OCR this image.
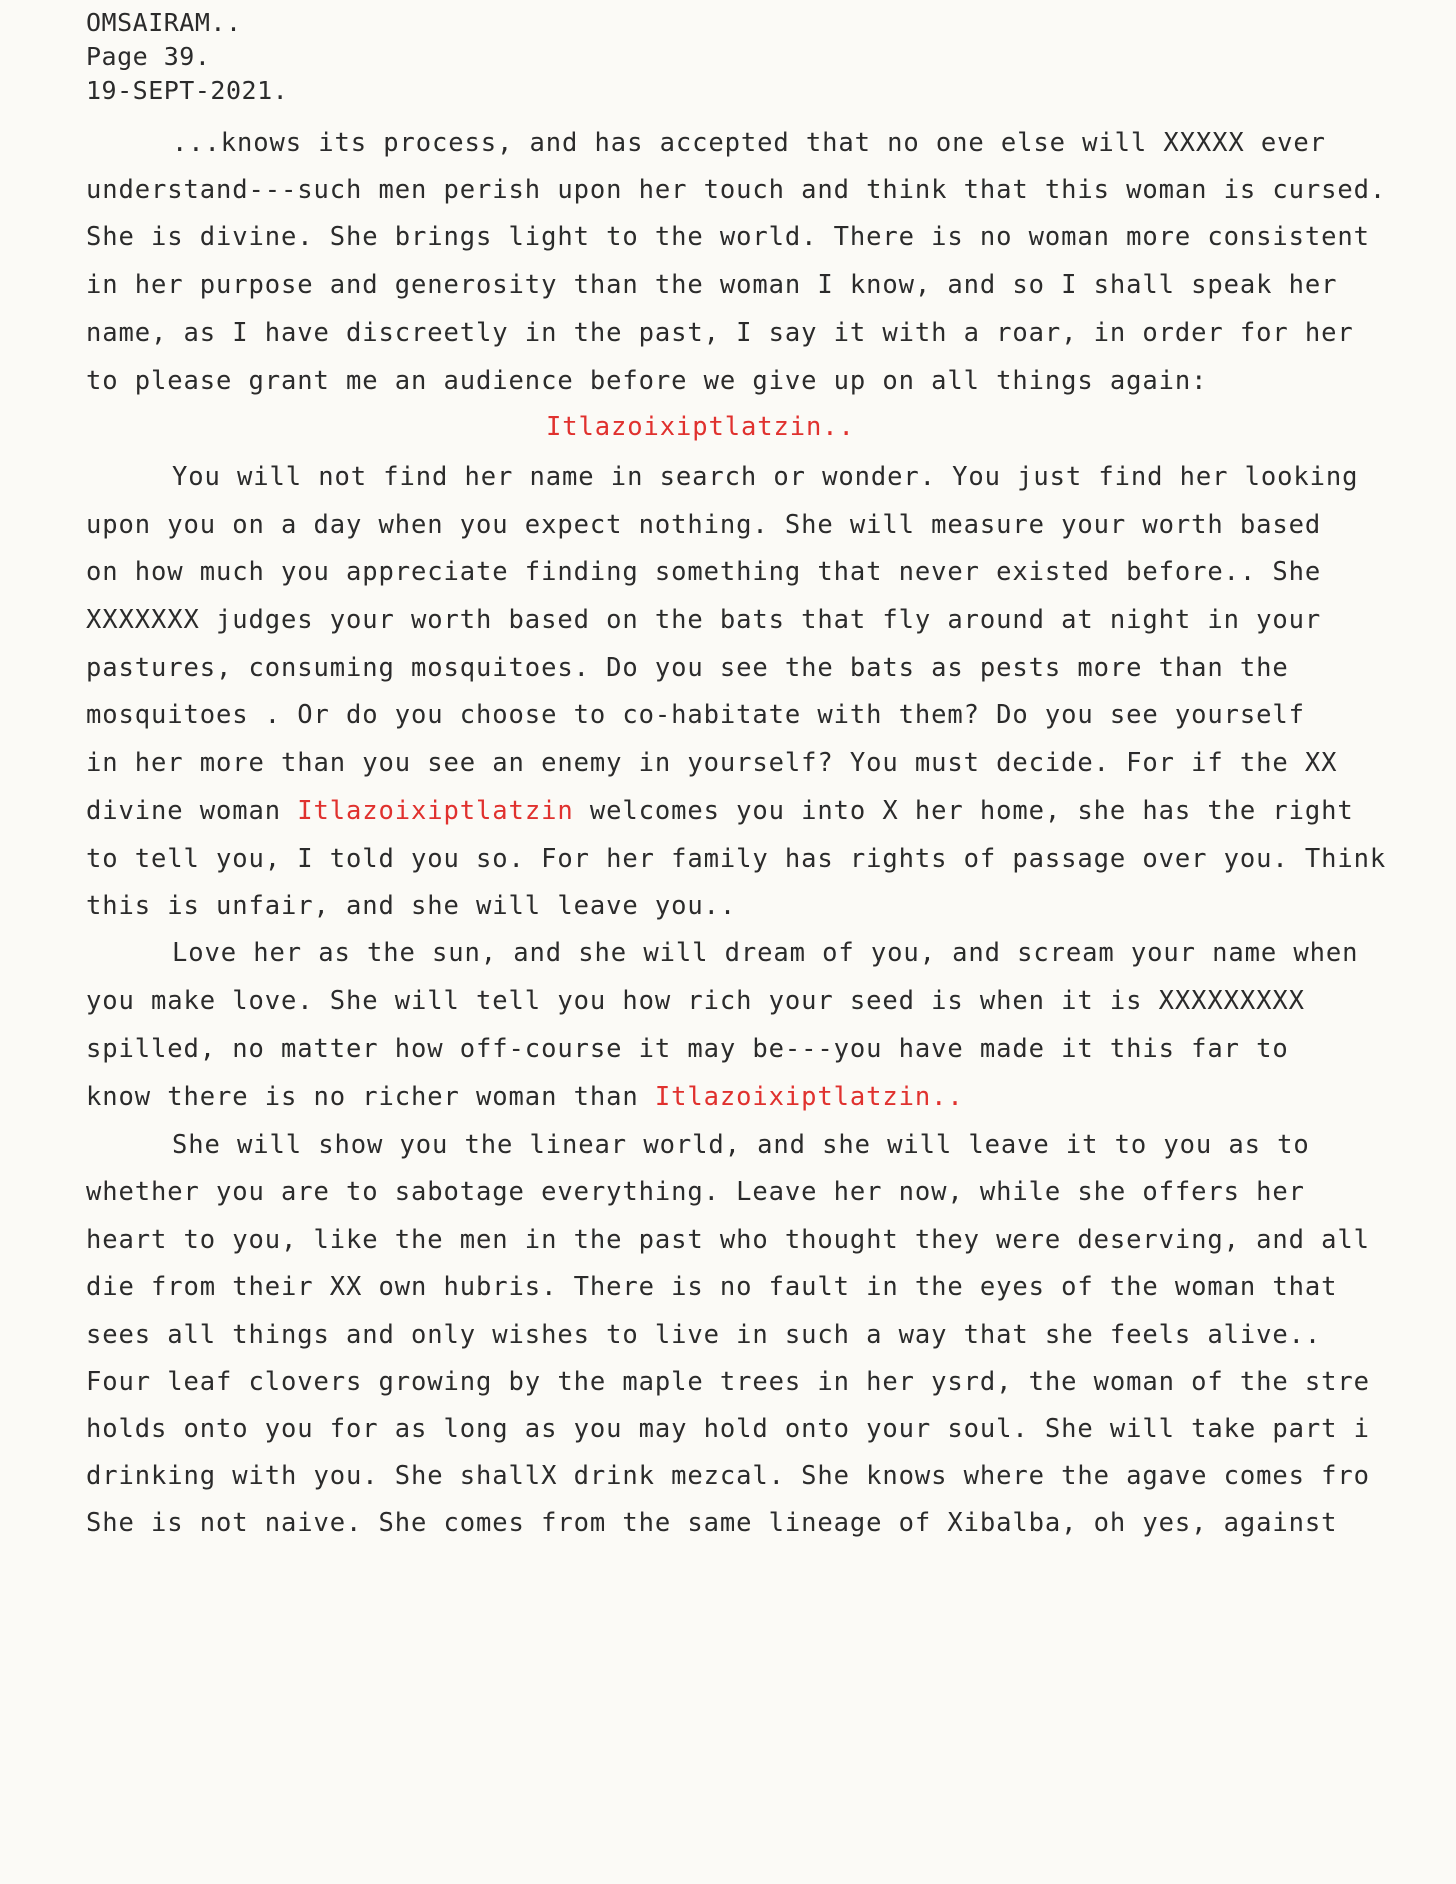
OMSAIRAM..
Page 39.
19-SEPT-2021.
...knows its process, and has accepted that no one else will XXXXX ever
understand---such men perish upon her touch and think that this woman is cursed.
She is divine. She brings light to the world. There is no woman more consistent
in her purpose and generosity than the woman I know, and so I shall speak her
name, as I have discreetly in the past, I say it with a roar, in order for her
to please grant me an audience before we give up on all things again:
Itlazoixiptlatzin..
You will not find her name in search or wonder. You just find her looking
upon you on a day when you expect nothing. She will measure your worth based
on how much you appreciate finding something that never existed before.. She
XXXXXXX judges your worth based on the bats that fly around at night in your
pastures, consuming mosquitoes. Do you see the bats as pests more than the
mosquitoes . Or do you choose to co-habitate with them? Do you see yourself
in her more than you see an enemy in yourself? You must decide. For if the XX
divine woman Itlazoixiptlatzin welcomes you into X her home, she has the right
to tell you, I told you so. For her family has rights of passage over you. Think
this is unfair, and she will leave you..
Love her as the sun, and she will dream of you, and scream your name when
you make love. She will tell you how rich your seed is when it is XXXXXXXXX
spilled, no matter how off-course it may be---you have made it this far to
know there is no richer woman than Itlazoixiptlatzin..
She will show you the linear world, and she will leave it to you as to
whether you are to sabotage everything. Leave her now, while she offers her
heart to you, like the men in the past who thought they were deserving, and all
die from their XX own hubris. There is no fault in the eyes of the woman that
sees all things and only wishes to live in such a way that she feels alive..
Four leaf clovers growing by the maple trees in her ysrd, the woman of the stre
holds onto you for as long as you may hold onto your soul. She will take part i
drinking with you. She shallX drink mezcal. She knows where the agave comes fro
She is not naive. She comes from the same lineage of Xibalba, oh yes, against
